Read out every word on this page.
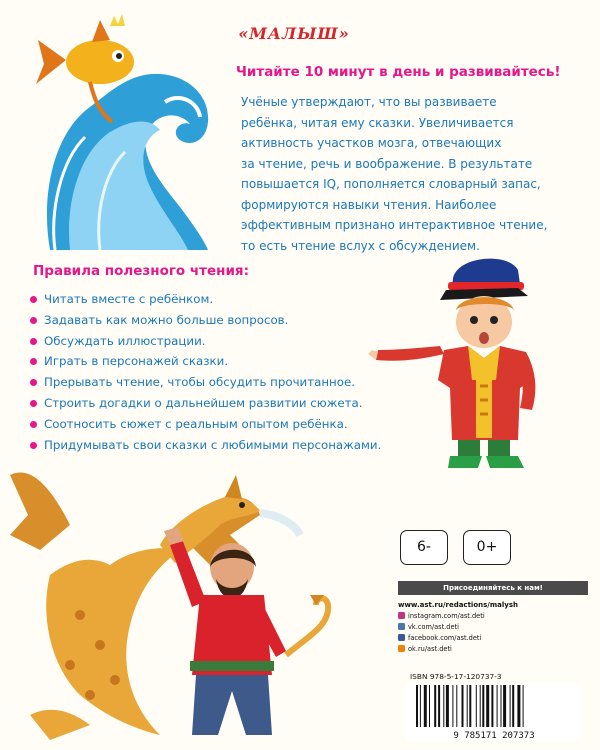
«МАЛЫШ»
Читайте 10 минут в день и развивайтесь!
Учёные утверждают, что вы развиваете
ребёнка, читая ему сказки. Увеличивается
активность участков мозга, отвечающих
за чтение, речь и воображение. В результате
повышается IQ, пополняется словарный запас,
формируются навыки чтения. Наиболее
эффективным признано интерактивное чтение,
то есть чтение вслух с обсуждением.
Правила полезного чтения:
Читать вместе с ребёнком.
Задавать как можно больше вопросов.
Обсуждать иллюстрации.
Играть в персонажей сказки.
Прерывать чтение, чтобы обсудить прочитанное.
Строить догадки о дальнейшем развитии сюжета.
Соотносить сюжет с реальным опытом ребёнка.
Придумывать свои сказки с любимыми персонажами.
6-	0+
Присоединяйтесь к нам!
www.ast.ru/redactions/malysh
instagram.com/ast.deti
vk.com/ast.deti
facebook.com/ast.deti
ok.ru/ast.deti
ISBN 978-5-17-120737-3
9 785171 207373
